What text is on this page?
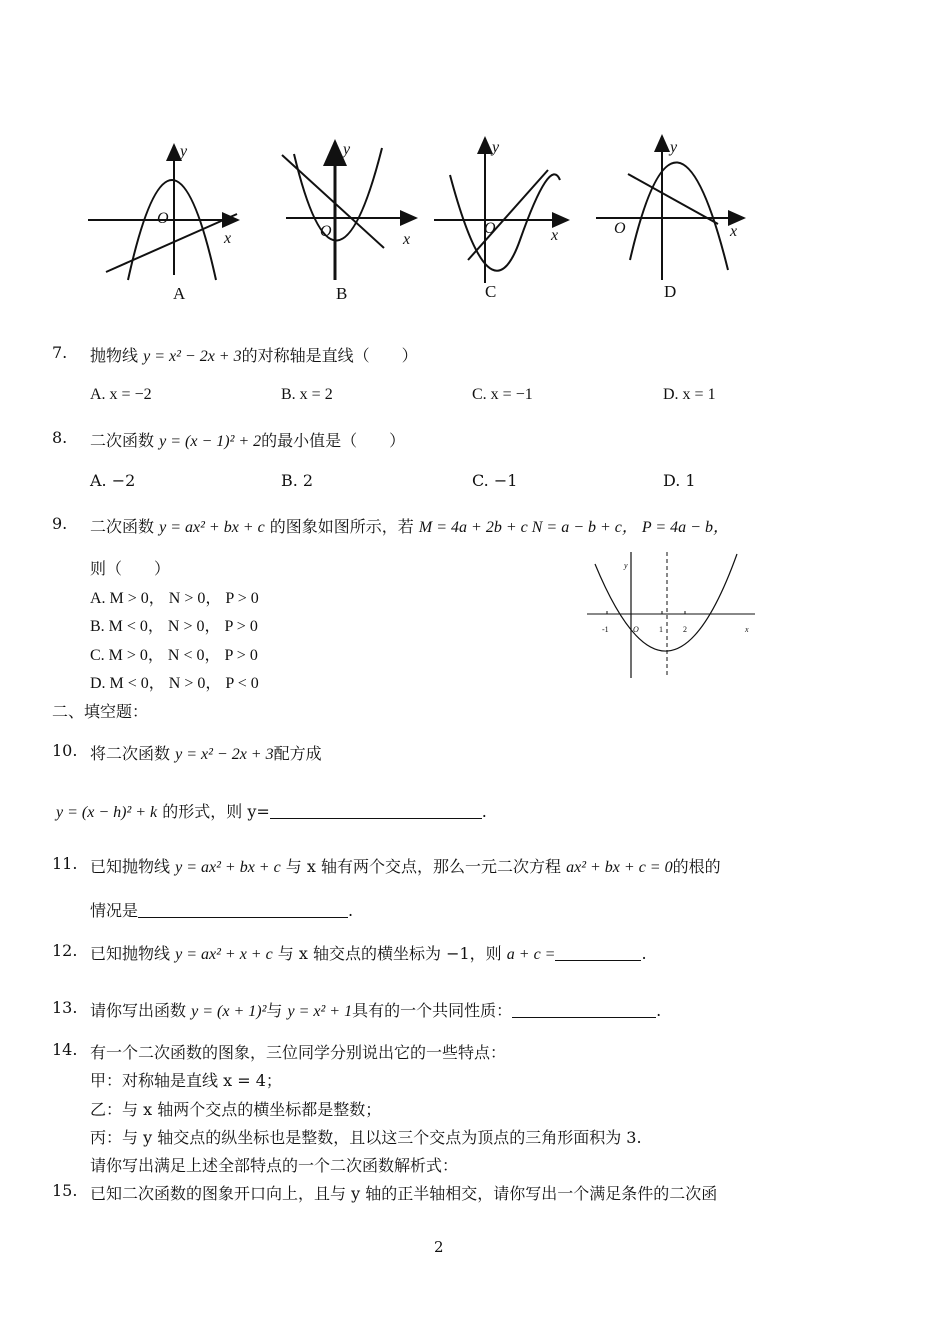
y
x
O
y
x
O
y
x
O
y
x
O
A	B	C	D
7. 抛物线 y = x² − 2x + 3的对称轴是直线（　　）
A. x = −2	B. x = 2	C. x = −1	D. x = 1
8. 二次函数 y = (x − 1)² + 2的最小值是（　　）
A. −2	B. 2	C. −1	D. 1
9. 二次函数 y = ax² + bx + c 的图象如图所示，若 M = 4a + 2b + c N = a − b + c， P = 4a − b，
则（　　）
A. M > 0， N > 0， P > 0
B. M < 0， N > 0， P > 0
C. M > 0， N < 0， P > 0
D. M < 0， N > 0， P < 0
y
x
O
-1	1	2
二、填空题：
10. 将二次函数 y = x² − 2x + 3配方成
y = (x − h)² + k 的形式，则 y=	.
11. 已知抛物线 y = ax² + bx + c 与 x 轴有两个交点，那么一元二次方程 ax² + bx + c = 0的根的
情况是	.
12. 已知抛物线 y = ax² + x + c 与 x 轴交点的横坐标为 −1，则 a + c =	.
13. 请你写出函数 y = (x + 1)²与 y = x² + 1具有的一个共同性质：	.
14. 有一个二次函数的图象，三位同学分别说出它的一些特点：
甲：对称轴是直线 x = 4；
乙：与 x 轴两个交点的横坐标都是整数；
丙：与 y 轴交点的纵坐标也是整数，且以这三个交点为顶点的三角形面积为 3.
请你写出满足上述全部特点的一个二次函数解析式：
15. 已知二次函数的图象开口向上，且与 y 轴的正半轴相交，请你写出一个满足条件的二次函
2
